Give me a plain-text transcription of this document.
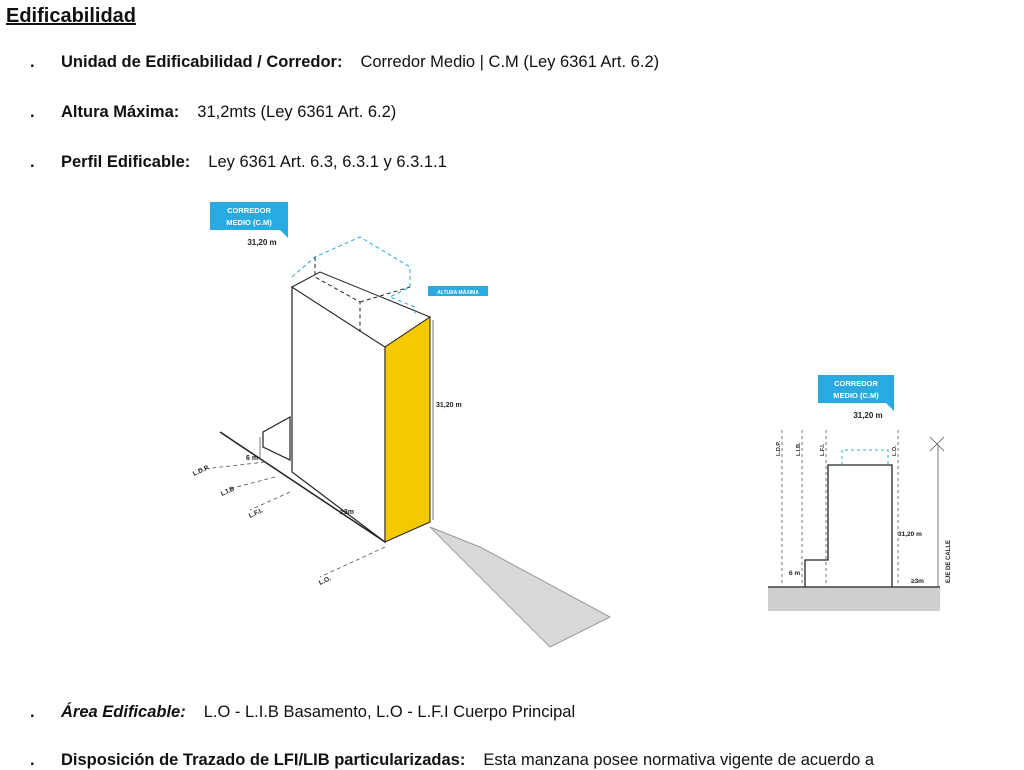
Edificabilidad
. Unidad de Edificabilidad / Corredor: Corredor Medio | C.M (Ley 6361 Art. 6.2)
. Altura Máxima: 31,2mts (Ley 6361 Art. 6.2)
. Perfil Edificable: Ley 6361 Art. 6.3, 6.3.1 y 6.3.1.1
CORREDOR
MEDIO (C.M)
31,20 m
ALTURA MÁXIMA
31,20 m
6 m
≥3m
L.D.P.
L.I.B
L.F.I.
L.O.
CORREDOR
MEDIO (C.M)
31,20 m
31,20 m
6 m
≥3m	EJE DE CALLE
L.D.P.	L.I.B.	L.F.I.	L.O.
. Área Edificable: L.O - L.I.B Basamento, L.O - L.F.I Cuerpo Principal
. Disposición de Trazado de LFI/LIB particularizadas: Esta manzana posee normativa vigente de acuerdo a
